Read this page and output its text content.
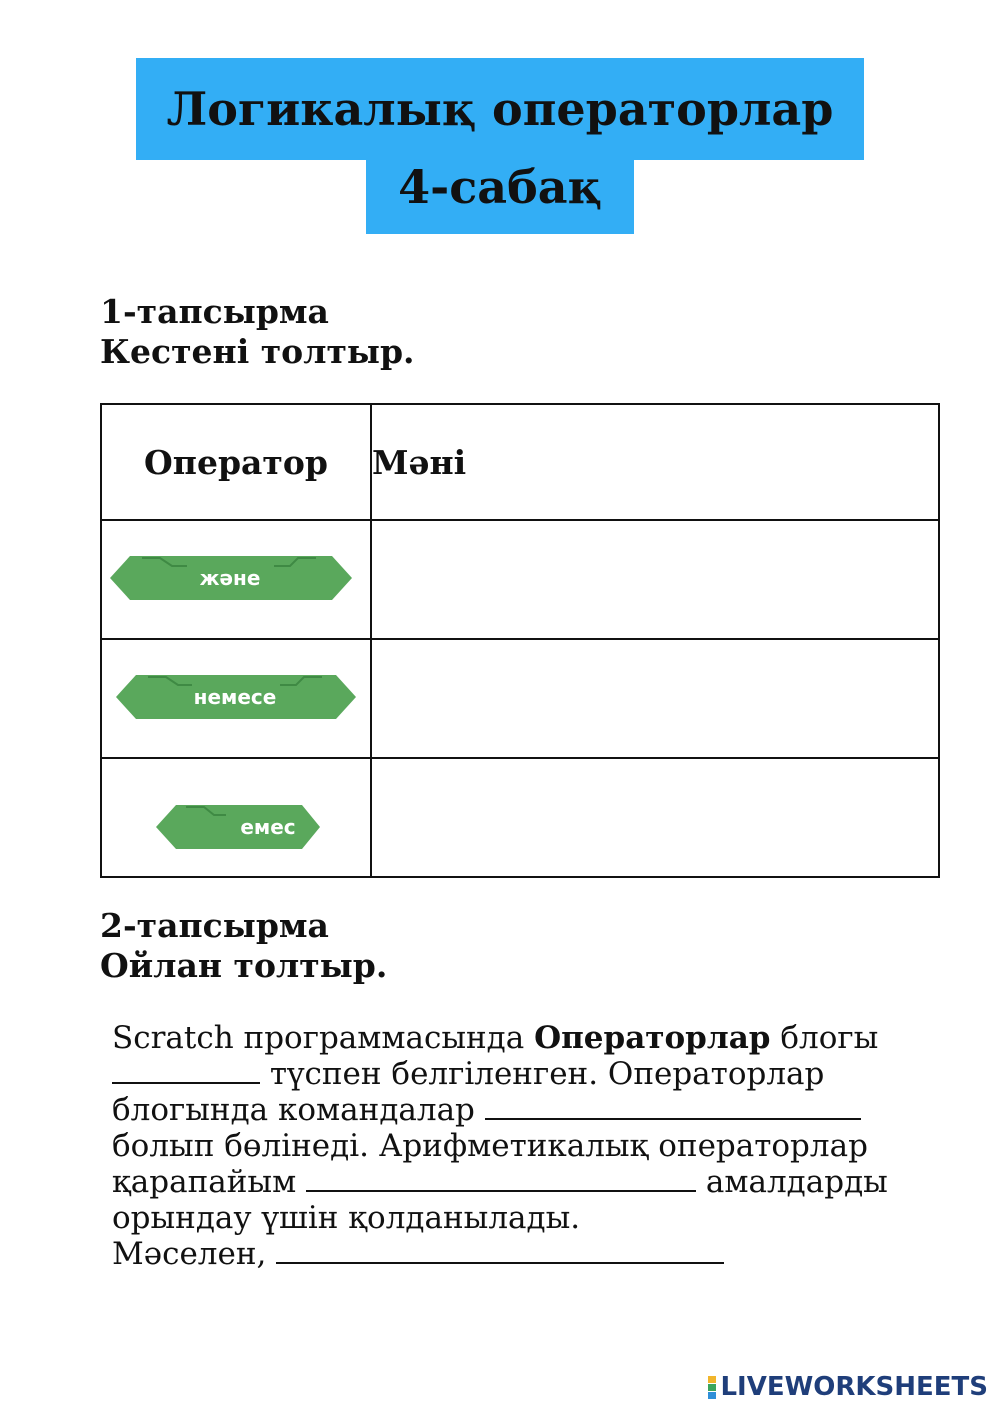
Логикалық операторлар
4-сабақ
1-тапсырма
Кестені толтыр.
Оператор	Мәні

және	

немесе	

емес	

2-тапсырма
Ойлан толтыр.
Scratch программасында Операторлар блогы
түспен белгіленген. Операторлар
блогында командалар
болып бөлінеді. Арифметикалық операторлар
қарапайым	амалдарды
орындау үшін қолданылады.
Мәселен,
LIVEWORKSHEETS
